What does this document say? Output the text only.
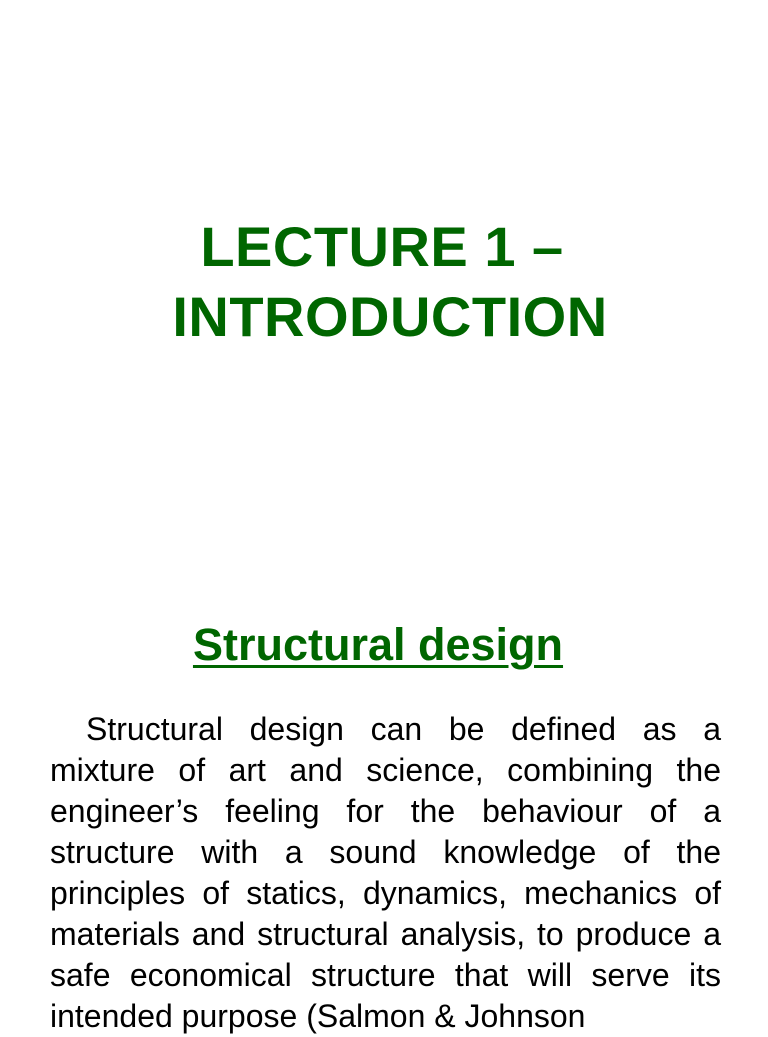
LECTURE 1 –
INTRODUCTION
Structural design

Structural design can be defined as a mixture of art and science, combining the engineer’s feeling for the behaviour of a structure with a sound knowledge of the principles of statics, dynamics, mechanics of materials and structural analysis, to produce a safe economical structure that will serve its intended purpose (Salmon & Johnson
